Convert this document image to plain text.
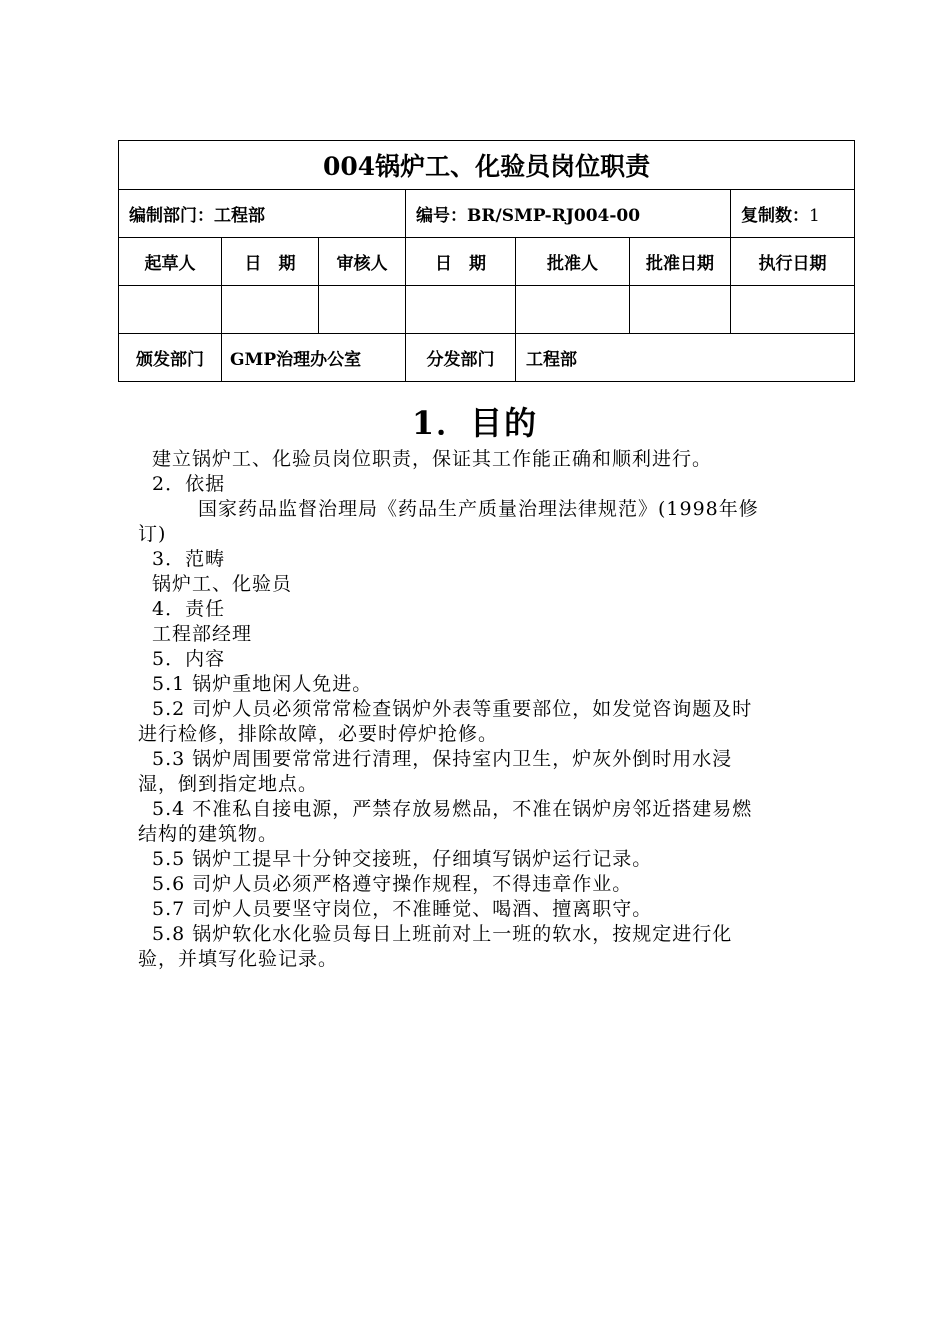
004锅炉工、化验员岗位职责						
编制部门：工程部			编号：BR/SMP-RJ004-00			复制数：1
起草人	日　期	审核人	日　期	批准人	批准日期	执行日期

颁发部门	GMP治理办公室		分发部门	工程部		
1．目的

建立锅炉工、化验员岗位职责，保证其工作能正确和顺利进行。

2．依据

国家药品监督治理局《药品生产质量治理法律规范》(1998年修

订)

3．范畴

锅炉工、化验员

4．责任

工程部经理

5．内容

5.1 锅炉重地闲人免进。

5.2 司炉人员必须常常检查锅炉外表等重要部位，如发觉咨询题及时

进行检修，排除故障，必要时停炉抢修。

5.3 锅炉周围要常常进行清理，保持室内卫生，炉灰外倒时用水浸

湿，倒到指定地点。

5.4 不准私自接电源，严禁存放易燃品，不准在锅炉房邻近搭建易燃

结构的建筑物。

5.5 锅炉工提早十分钟交接班，仔细填写锅炉运行记录。

5.6 司炉人员必须严格遵守操作规程，不得违章作业。

5.7 司炉人员要坚守岗位，不准睡觉、喝酒、擅离职守。

5.8 锅炉软化水化验员每日上班前对上一班的软水，按规定进行化

验，并填写化验记录。
